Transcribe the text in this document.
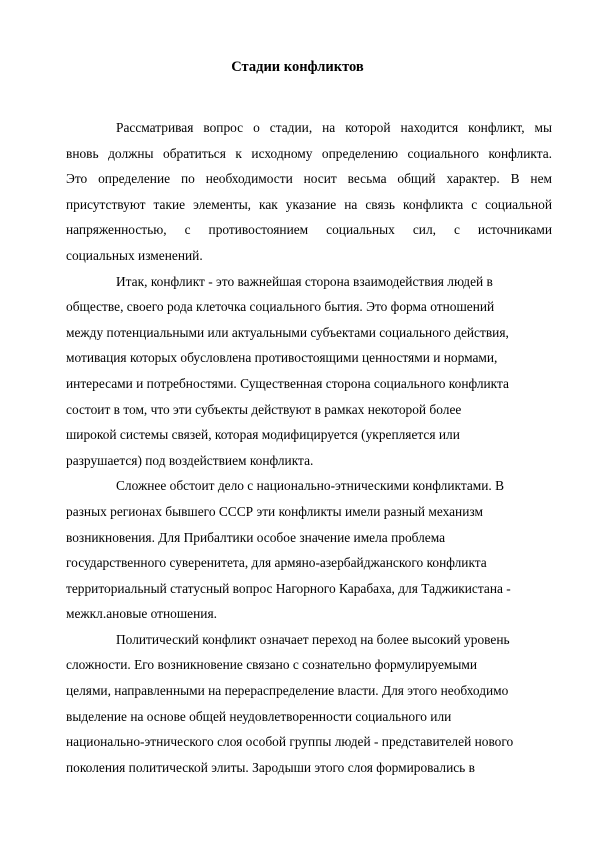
Стадии конфликтов

Рассматривая вопрос о стадии, на которой находится конфликт, мы
вновь должны обратиться к исходному определению социального конфликта.
Это определение по необходимости носит весьма общий характер. В нем
присутствуют такие элементы, как указание на связь конфликта с социальной
напряженностью, с противостоянием социальных сил, с источниками
социальных изменений.

Итак, конфликт - это важнейшая сторона взаимодействия людей в
обществе, своего рода клеточка социального бытия. Это форма отношений
между потенциальными или актуальными субъектами социального действия,
мотивация которых обусловлена противостоящими ценностями и нормами,
интересами и потребностями. Существенная сторона социального конфликта
состоит в том, что эти субъекты действуют в рамках некоторой более
широкой системы связей, которая модифицируется (укрепляется или
разрушается) под воздействием конфликта.

Сложнее обстоит дело с национально-этническими конфликтами. В
разных регионах бывшего СССР эти конфликты имели разный механизм
возникновения. Для Прибалтики особое значение имела проблема
государственного суверенитета, для армяно-азербайджанского конфликта
территориальный статусный вопрос Нагорного Карабаха, для Таджикистана -
межкл.ановые отношения.

Политический конфликт означает переход на более высокий уровень
сложности. Его возникновение связано с сознательно формулируемыми
целями, направленными на перераспределение власти. Для этого необходимо
выделение на основе общей неудовлетворенности социального или
национально-этнического слоя особой группы людей - представителей нового
поколения политической элиты. Зародыши этого слоя формировались в
